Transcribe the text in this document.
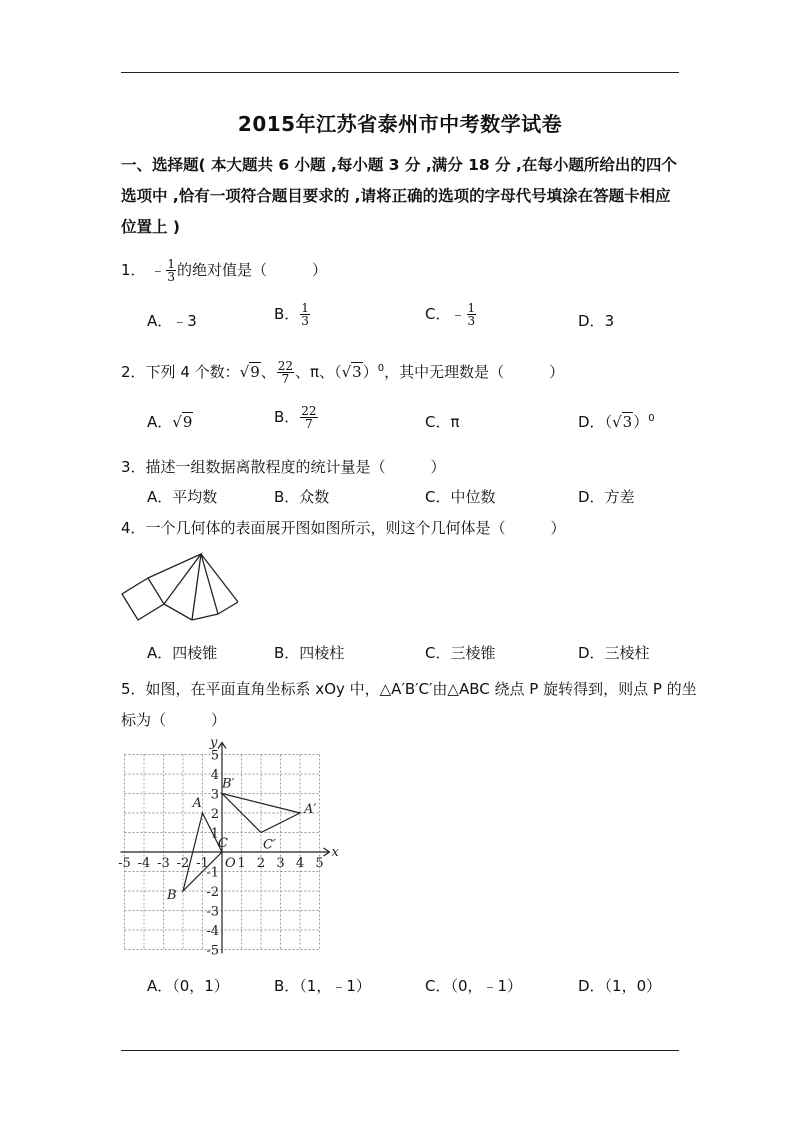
2015年江苏省泰州市中考数学试卷
一、选择题( 本大题共 6 小题 ,每小题 3 分 ,满分 18 分 ,在每小题所给出的四个选项中 ,恰有一项符合题目要求的 ,请将正确的选项的字母代号填涂在答题卡相应位置上 )
1． ﹣ $\frac{1}{3}$ 的绝对值是（　　　）
A．﹣3	B． $\frac{1}{3}$	C．﹣ $\frac{1}{3}$	D．3
2．下列 4 个数：√9、 $\frac{22}{7}$ 、π、$(√3)^0$，其中无理数是（　　　）
A．√9	B． $\frac{22}{7}$	C．π	D．$(√3)^0$
3．描述一组数据离散程度的统计量是（　　　）
A．平均数	B．众数	C．中位数	D．方差
4．一个几何体的表面展开图如图所示，则这个几何体是（　　　）
A．四棱锥	B．四棱柱	C．三棱锥	D．三棱柱
5．如图，在平面直角坐标系 xOy 中，△A′B′C′由△ABC 绕点 P 旋转得到，则点 P 的坐
标为（　　　）
-5 -4 -3 -2 -1 1 2 3 4 5
5
4
3
2
1
-1
-2
-3
-4
-5
O
x
y
A
B
C
A′
B′
C′
A．（0，1）	B．（1，﹣1）	C．（0，﹣1）	D．（1，0）
